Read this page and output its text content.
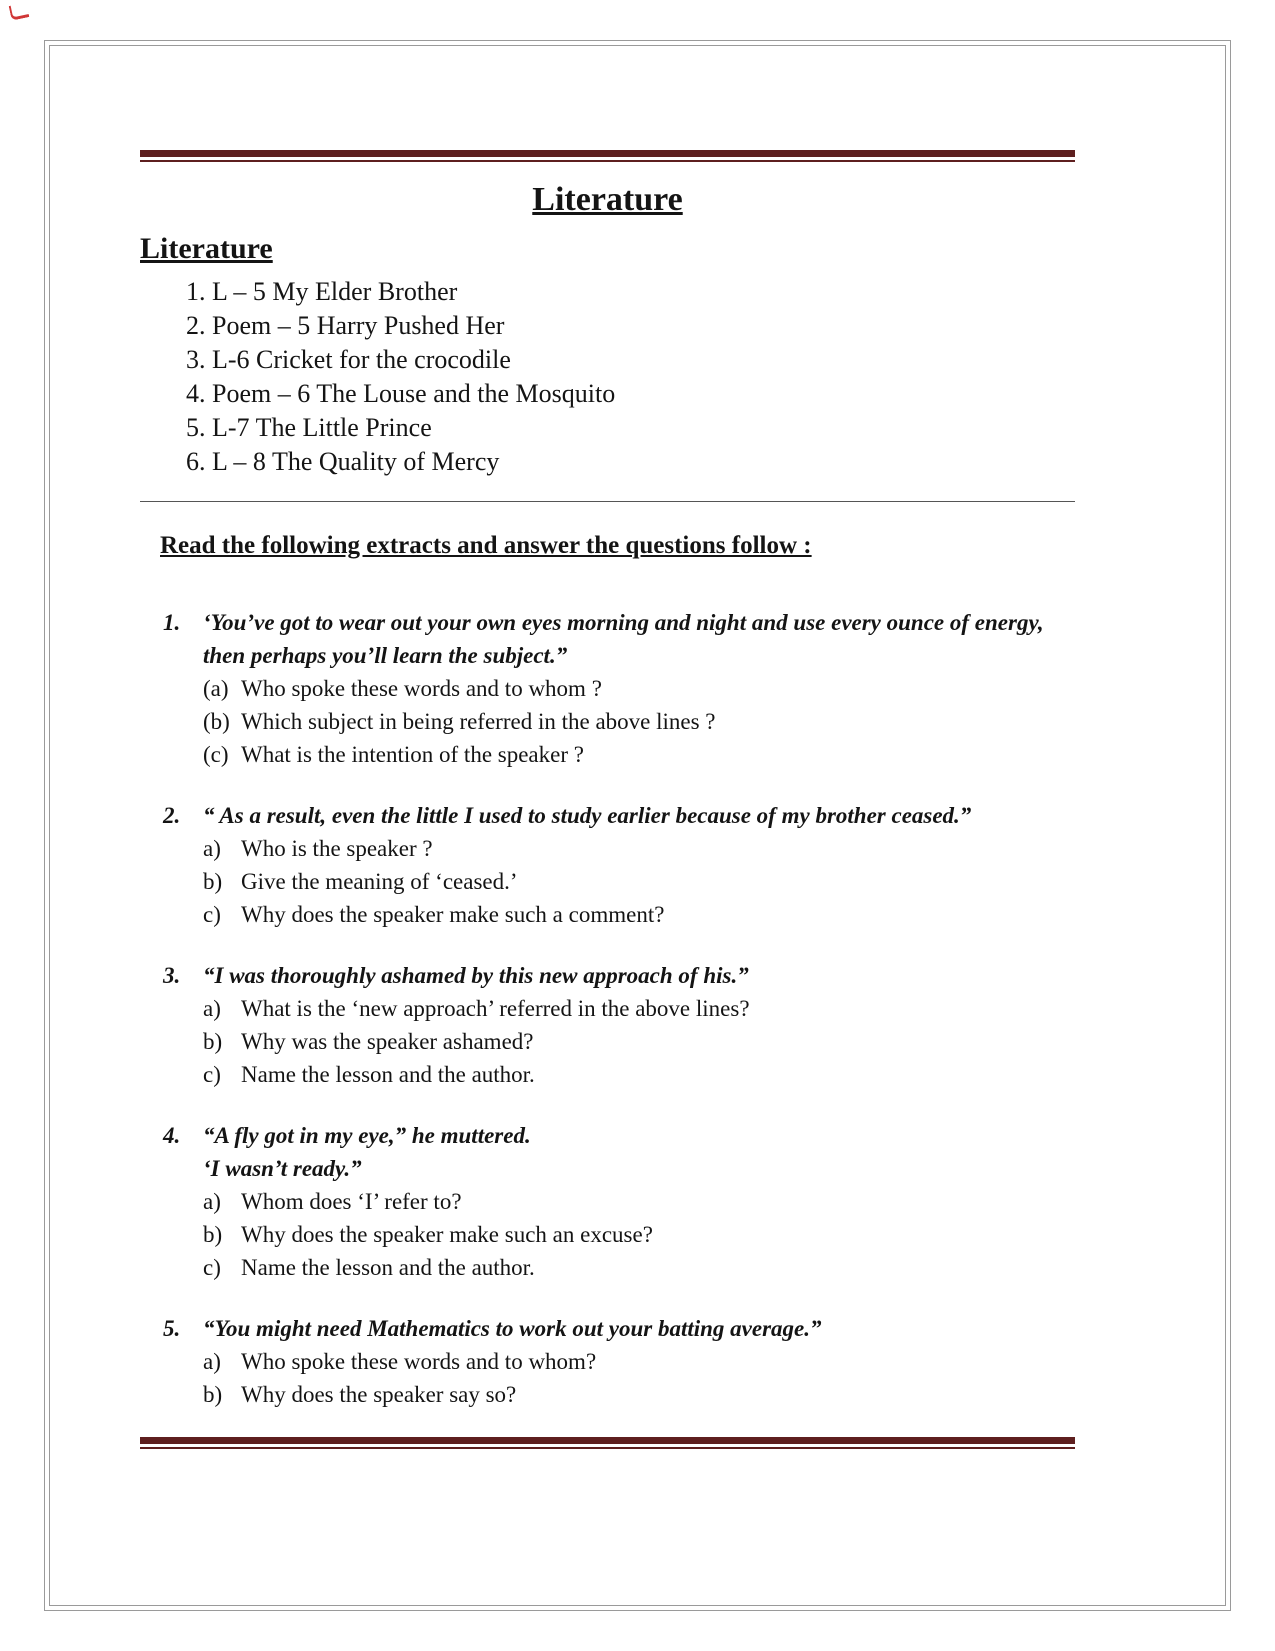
Literature
Literature
1. L – 5 My Elder Brother
2. Poem – 5 Harry Pushed Her
3. L-6 Cricket for the crocodile
4. Poem – 6 The Louse and the Mosquito
5. L-7 The Little Prince
6. L – 8 The Quality of Mercy
Read the following extracts and answer the questions follow :
1. ‘You’ve got to wear out your own eyes morning and night and use every ounce of energy, then perhaps you’ll learn the subject.”
(a) Who spoke these words and to whom ?
(b) Which subject in being referred in the above lines ?
(c) What is the intention of the speaker ?
2. “ As a result, even the little I used to study earlier because of my brother ceased.”
a) Who is the speaker ?
b) Give the meaning of ‘ceased.’
c) Why does the speaker make such a comment?
3. “I was thoroughly ashamed by this new approach of his.”
a) What is the ‘new approach’ referred in the above lines?
b) Why was the speaker ashamed?
c) Name the lesson and the author.
4. “A fly got in my eye,” he muttered.
‘I wasn’t ready.”
a) Whom does ‘I’ refer to?
b) Why does the speaker make such an excuse?
c) Name the lesson and the author.
5. “You might need Mathematics to work out your batting average.”
a) Who spoke these words and to whom?
b) Why does the speaker say so?
